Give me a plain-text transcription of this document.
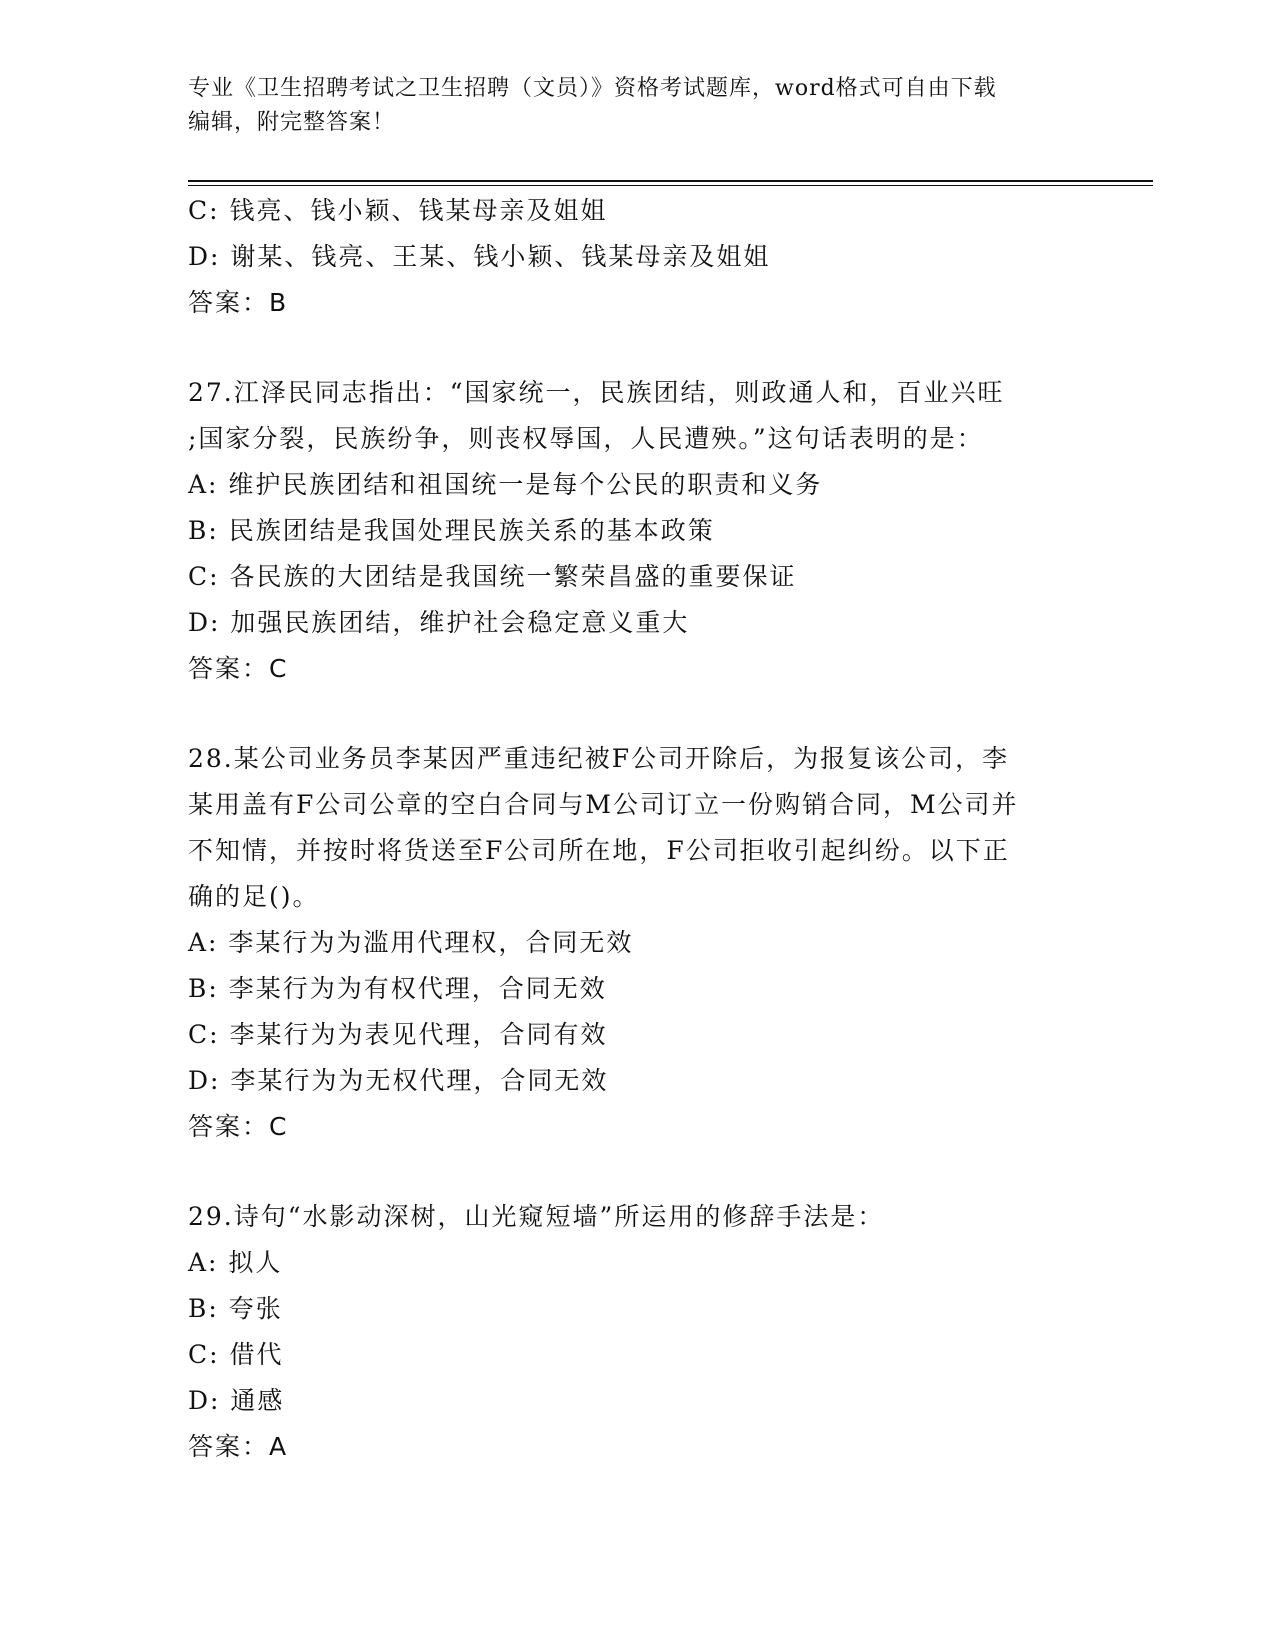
专业《卫生招聘考试之卫生招聘（文员）》资格考试题库，word格式可自由下载
编辑，附完整答案！
C: 钱亮、钱小颖、钱某母亲及姐姐
D: 谢某、钱亮、王某、钱小颖、钱某母亲及姐姐
答案：B
27.江泽民同志指出：“国家统一，民族团结，则政通人和，百业兴旺
;国家分裂，民族纷争，则丧权辱国，人民遭殃。”这句话表明的是：
A: 维护民族团结和祖国统一是每个公民的职责和义务
B: 民族团结是我国处理民族关系的基本政策
C: 各民族的大团结是我国统一繁荣昌盛的重要保证
D: 加强民族团结，维护社会稳定意义重大
答案：C
28.某公司业务员李某因严重违纪被F公司开除后，为报复该公司，李
某用盖有F公司公章的空白合同与M公司订立一份购销合同，M公司并
不知情，并按时将货送至F公司所在地，F公司拒收引起纠纷。以下正
确的足()。
A: 李某行为为滥用代理权，合同无效
B: 李某行为为有权代理，合同无效
C: 李某行为为表见代理，合同有效
D: 李某行为为无权代理，合同无效
答案：C
29.诗句“水影动深树，山光窥短墙”所运用的修辞手法是：
A: 拟人
B: 夸张
C: 借代
D: 通感
答案：A
